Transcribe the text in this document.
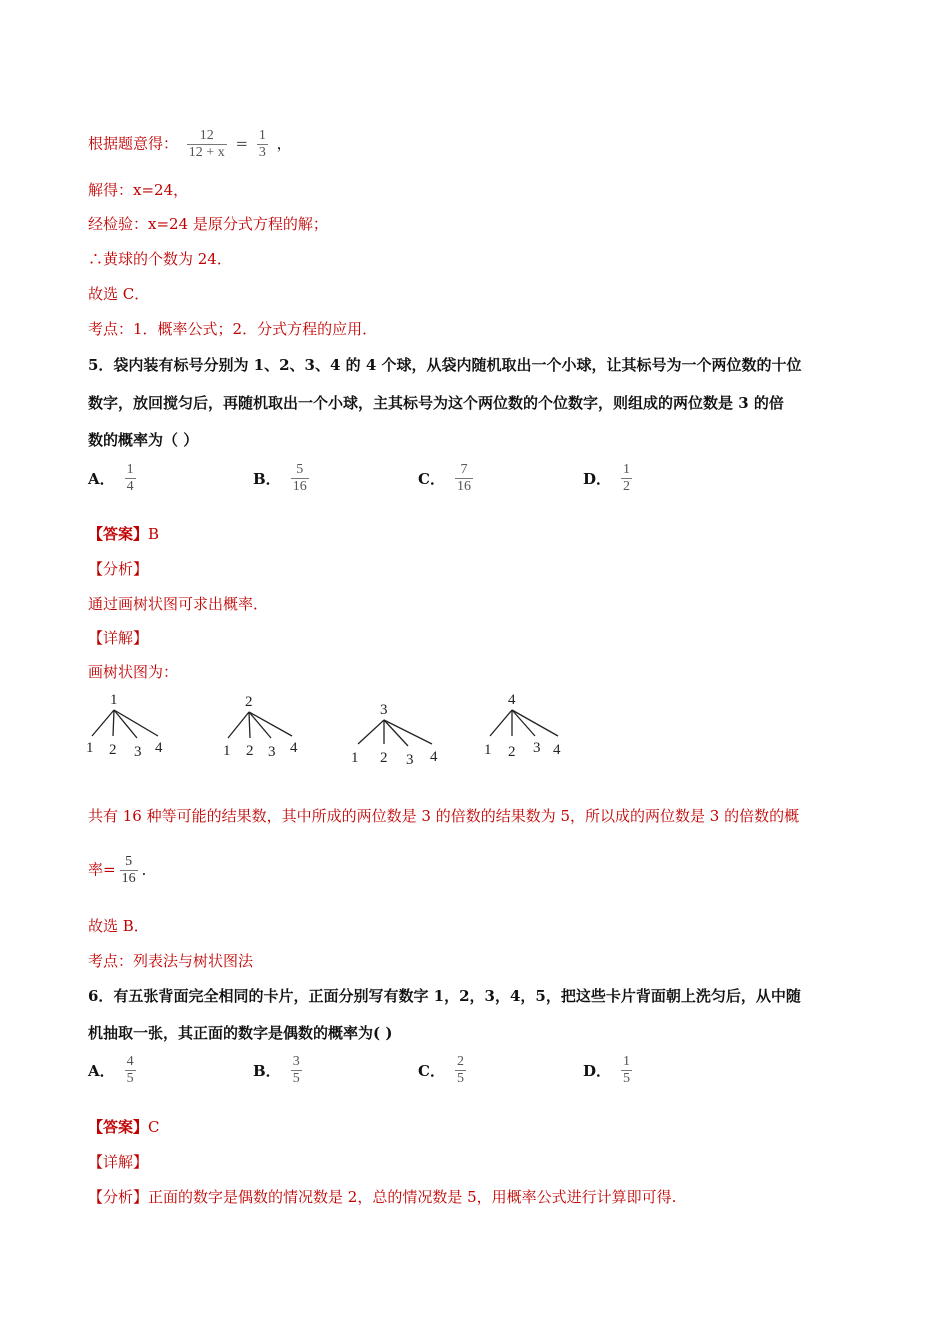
根据题意得： $\frac{12}{12 + x} = \frac{1}{3}$ ，
解得：x=24，
经检验：x=24 是原分式方程的解；
∴黄球的个数为 24．
故选 C．
考点：1．概率公式；2．分式方程的应用．
5．袋内装有标号分别为 1、2、3、4 的 4 个球，从袋内随机取出一个小球，让其标号为一个两位数的十位
数字，放回搅匀后，再随机取出一个小球，主其标号为这个两位数的个位数字，则组成的两位数是 3 的倍
数的概率为（ ）
A． $\frac{1}{4}$	B． $\frac{5}{16}$	C． $\frac{7}{16}$	D． $\frac{1}{2}$
【答案】B
【分析】
通过画树状图可求出概率．
【详解】
画树状图为：
1
1 2 3 4
2
1 2 3 4
3
1 2 3 4
4
1 2 3 4
共有 16 种等可能的结果数，其中所成的两位数是 3 的倍数的结果数为 5，所以成的两位数是 3 的倍数的概
率= $\frac{5}{16}$ ．
故选 B．
考点：列表法与树状图法
6．有五张背面完全相同的卡片，正面分别写有数字 1，2，3，4，5，把这些卡片背面朝上洗匀后，从中随
机抽取一张，其正面的数字是偶数的概率为( )
A． $\frac{4}{5}$	B． $\frac{3}{5}$	C． $\frac{2}{5}$	D． $\frac{1}{5}$
【答案】C
【详解】
【分析】正面的数字是偶数的情况数是 2，总的情况数是 5，用概率公式进行计算即可得.
